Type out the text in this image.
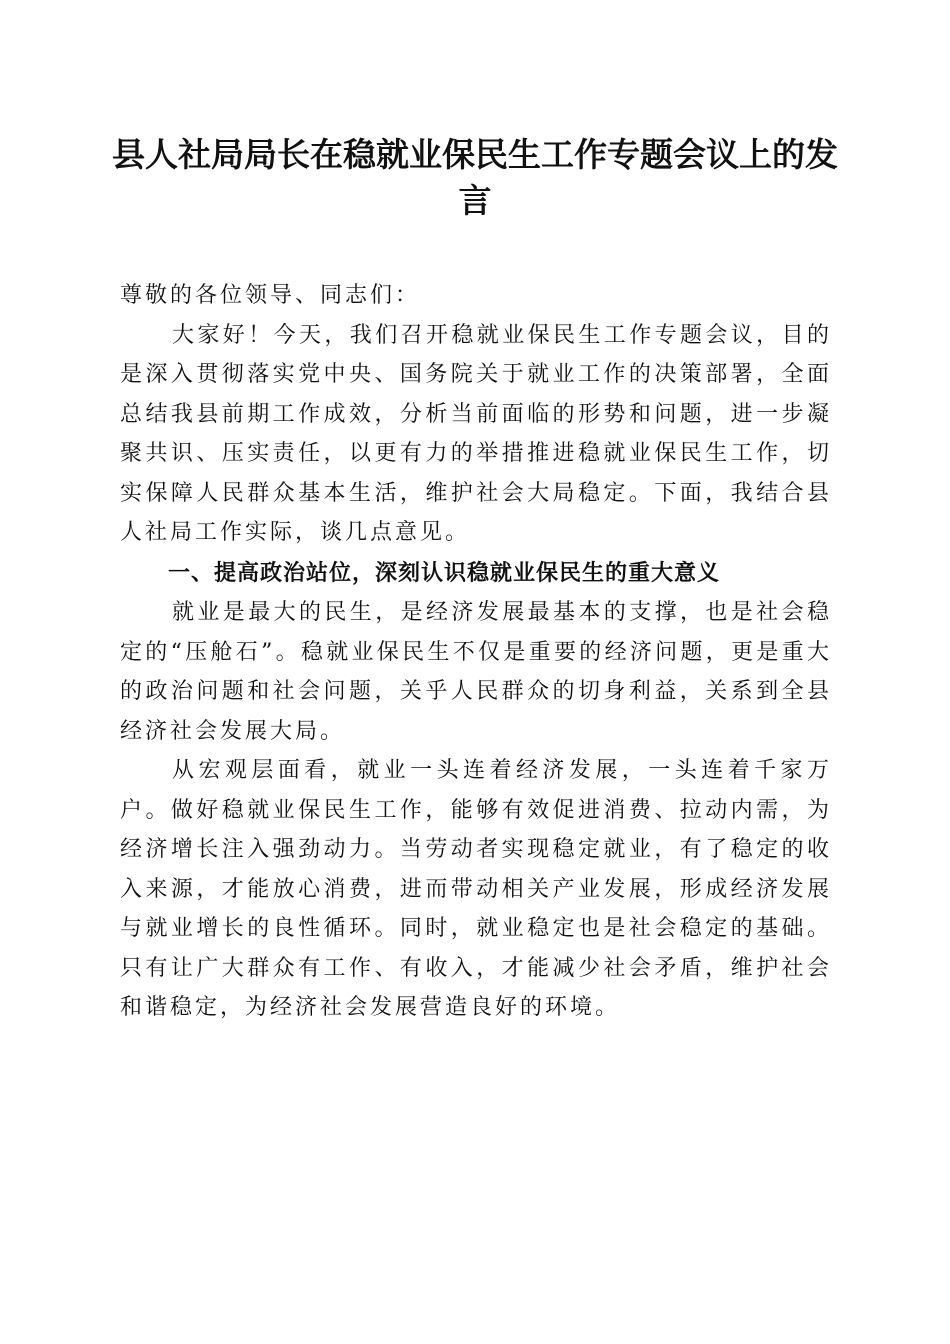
县人社局局长在稳就业保民生工作专题会议上的发言

尊敬的各位领导、同志们：

大家好！今天，我们召开稳就业保民生工作专题会议，目的是深入贯彻落实党中央、国务院关于就业工作的决策部署，全面总结我县前期工作成效，分析当前面临的形势和问题，进一步凝聚共识、压实责任，以更有力的举措推进稳就业保民生工作，切实保障人民群众基本生活，维护社会大局稳定。下面，我结合县人社局工作实际，谈几点意见。

一、提高政治站位，深刻认识稳就业保民生的重大意义

就业是最大的民生，是经济发展最基本的支撑，也是社会稳定的“压舱石”。稳就业保民生不仅是重要的经济问题，更是重大的政治问题和社会问题，关乎人民群众的切身利益，关系到全县经济社会发展大局。

从宏观层面看，就业一头连着经济发展，一头连着千家万户。做好稳就业保民生工作，能够有效促进消费、拉动内需，为经济增长注入强劲动力。当劳动者实现稳定就业，有了稳定的收入来源，才能放心消费，进而带动相关产业发展，形成经济发展与就业增长的良性循环。同时，就业稳定也是社会稳定的基础。只有让广大群众有工作、有收入，才能减少社会矛盾，维护社会和谐稳定，为经济社会发展营造良好的环境。
